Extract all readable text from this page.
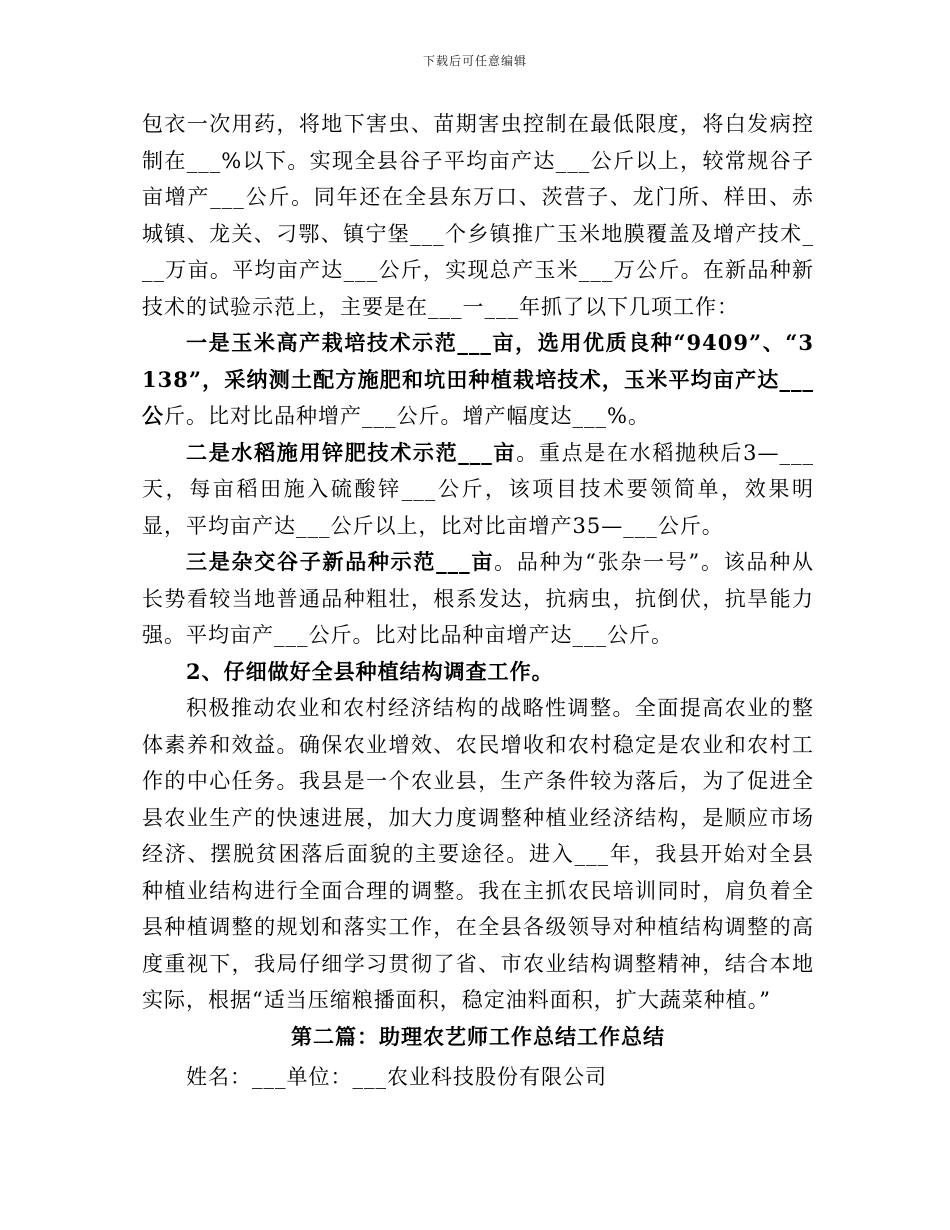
下载后可任意编辑

包衣一次用药，将地下害虫、苗期害虫控制在最低限度，将白发病控制在___%以下。实现全县谷子平均亩产达___公斤以上，较常规谷子亩增产___公斤。同年还在全县东万口、茨营子、龙门所、样田、赤城镇、龙关、刁鄂、镇宁堡___个乡镇推广玉米地膜覆盖及增产技术___万亩。平均亩产达___公斤，实现总产玉米___万公斤。在新品种新技术的试验示范上，主要是在___一___年抓了以下几项工作：

一是玉米高产栽培技术示范___亩，选用优质良种“9409”、“3138”，采纳测土配方施肥和坑田种植栽培技术，玉米平均亩产达___公斤。比对比品种增产___公斤。增产幅度达___%。

二是水稻施用锌肥技术示范___亩。重点是在水稻抛秧后3—___天，每亩稻田施入硫酸锌___公斤，该项目技术要领简单，效果明显，平均亩产达___公斤以上，比对比亩增产35—___公斤。

三是杂交谷子新品种示范___亩。品种为“张杂一号”。该品种从长势看较当地普通品种粗壮，根系发达，抗病虫，抗倒伏，抗旱能力强。平均亩产___公斤。比对比品种亩增产达___公斤。

2、仔细做好全县种植结构调查工作。

积极推动农业和农村经济结构的战略性调整。全面提高农业的整体素养和效益。确保农业增效、农民增收和农村稳定是农业和农村工作的中心任务。我县是一个农业县，生产条件较为落后，为了促进全县农业生产的快速进展，加大力度调整种植业经济结构，是顺应市场经济、摆脱贫困落后面貌的主要途径。进入___年，我县开始对全县种植业结构进行全面合理的调整。我在主抓农民培训同时，肩负着全县种植调整的规划和落实工作，在全县各级领导对种植结构调整的高度重视下，我局仔细学习贯彻了省、市农业结构调整精神，结合本地实际，根据“适当压缩粮播面积，稳定油料面积，扩大蔬菜种植。”

第二篇：助理农艺师工作总结工作总结

姓名：___单位：___农业科技股份有限公司
